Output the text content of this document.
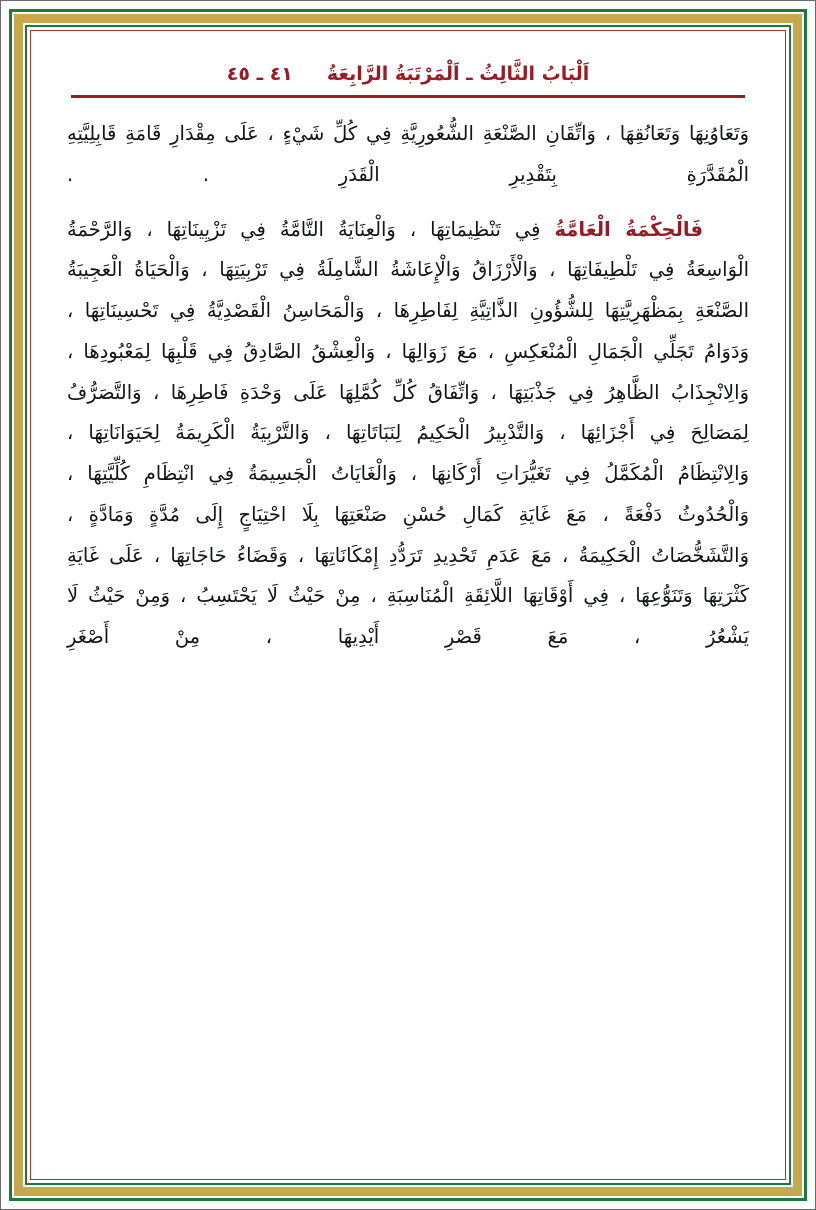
اَلْبَابُ الثَّالِثُ ـ اَلْمَرْتَبَةُ الرَّابِعَةُ
٤١ ـ ٤٥

وَتَعَاوُنِهَا وَتَعَانُقِهَا ، وَاتِّقَانِ الصَّنْعَةِ الشُّعُورِيَّةِ فِي كُلِّ شَيْءٍ ، عَلَى مِقْدَارِ قَامَةِ قَابِلِيَّتِهِ الْمُقَدَّرَةِ بِتَقْدِيرِ الْقَدَرِ . .

فَالْحِكْمَةُ الْعَامَّةُ فِي تَنْظِيمَاتِهَا ، وَالْعِنَايَةُ التَّامَّةُ فِي تَزْيِينَاتِهَا ، وَالرَّحْمَةُ الْوَاسِعَةُ فِي تَلْطِيفَاتِهَا ، وَالْأَرْزَاقُ وَالْإِعَاشَةُ الشَّامِلَةُ فِي تَرْبِيَتِهَا ، وَالْحَيَاةُ الْعَجِيبَةُ الصَّنْعَةِ بِمَظْهَرِيَّتِهَا لِلشُّؤُونِ الذَّاتِيَّةِ لِفَاطِرِهَا ، وَالْمَحَاسِنُ الْقَصْدِيَّةُ فِي تَحْسِينَاتِهَا ، وَدَوَامُ تَجَلِّي الْجَمَالِ الْمُنْعَكِسِ ، مَعَ زَوَالِهَا ، وَالْعِشْقُ الصَّادِقُ فِي قَلْبِهَا لِمَعْبُودِهَا ، وَالِانْجِذَابُ الظَّاهِرُ فِي جَذْبَتِهَا ، وَاتِّفَاقُ كُلِّ كُمَّلِهَا عَلَى وَحْدَةِ فَاطِرِهَا ، وَالتَّصَرُّفُ لِمَصَالِحَ فِي أَجْزَائِهَا ، وَالتَّدْبِيرُ الْحَكِيمُ لِنَبَاتَاتِهَا ، وَالتَّرْبِيَةُ الْكَرِيمَةُ لِحَيَوَانَاتِهَا ، وَالِانْتِظَامُ الْمُكَمَّلُ فِي تَغَيُّرَاتِ أَرْكَانِهَا ، وَالْغَايَاتُ الْجَسِيمَةُ فِي انْتِظَامِ كُلِّيَّتِهَا ، وَالْحُدُوثُ دَفْعَةً ، مَعَ غَايَةِ كَمَالِ حُسْنِ صَنْعَتِهَا بِلَا احْتِيَاجٍ إِلَى مُدَّةٍ وَمَادَّةٍ ، وَالتَّشَخُّصَاتُ الْحَكِيمَةُ ، مَعَ عَدَمِ تَحْدِيدِ تَرَدُّدِ إِمْكَانَاتِهَا ، وَقَضَاءُ حَاجَاتِهَا ، عَلَى غَايَةِ كَثْرَتِهَا وَتَنَوُّعِهَا ، فِي أَوْقَاتِهَا اللَّائِقَةِ الْمُنَاسِبَةِ ، مِنْ حَيْثُ لَا يَحْتَسِبُ ، وَمِنْ حَيْثُ لَا يَشْعُرُ ، مَعَ قَصْرِ أَيْدِيهَا ، مِنْ أَصْغَرِ
